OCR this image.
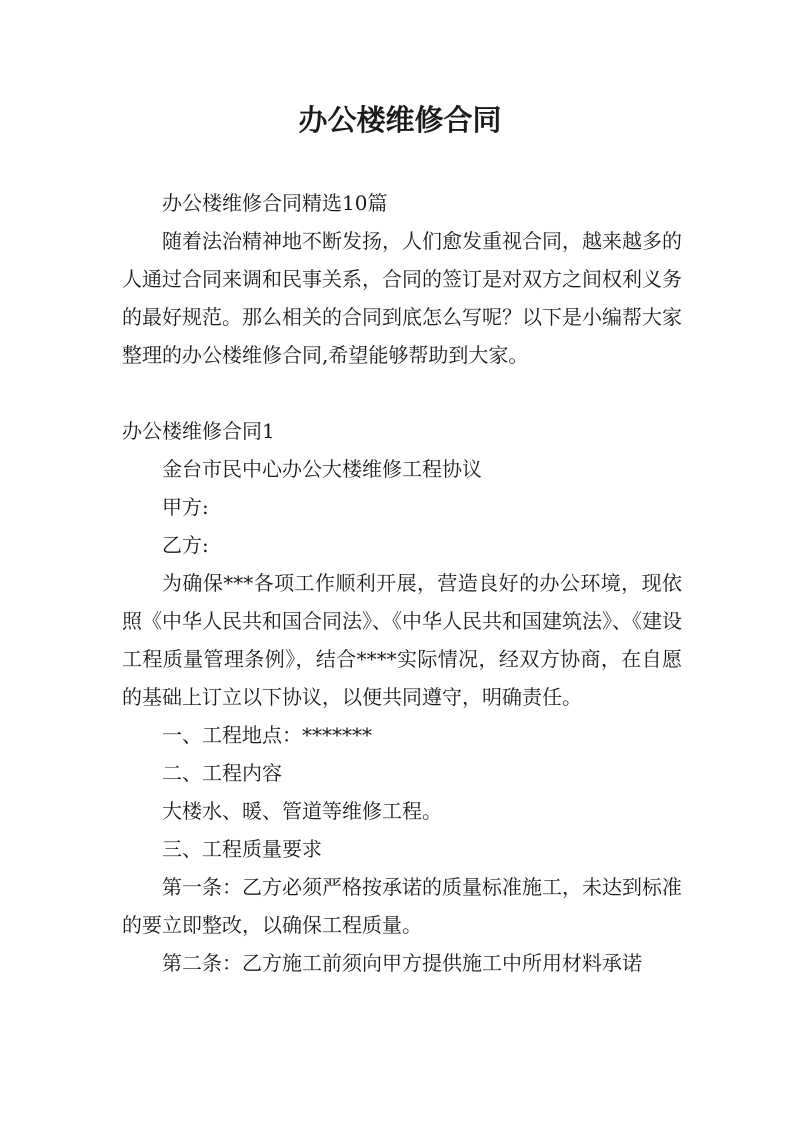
办公楼维修合同

办公楼维修合同精选10篇

随着法治精神地不断发扬，人们愈发重视合同，越来越多的人通过合同来调和民事关系，合同的签订是对双方之间权利义务的最好规范。那么相关的合同到底怎么写呢？以下是小编帮大家整理的办公楼维修合同,希望能够帮助到大家。

办公楼维修合同1

金台市民中心办公大楼维修工程协议

甲方:

乙方:

为确保***各项工作顺利开展，营造良好的办公环境，现依照《中华人民共和国合同法》、《中华人民共和国建筑法》、《建设工程质量管理条例》，结合****实际情况，经双方协商，在自愿的基础上订立以下协议，以便共同遵守，明确责任。

一、工程地点：*******

二、工程内容

大楼水、暖、管道等维修工程。

三、工程质量要求

第一条：乙方必须严格按承诺的质量标准施工，未达到标准的要立即整改，以确保工程质量。

第二条：乙方施工前须向甲方提供施工中所用材料承诺
